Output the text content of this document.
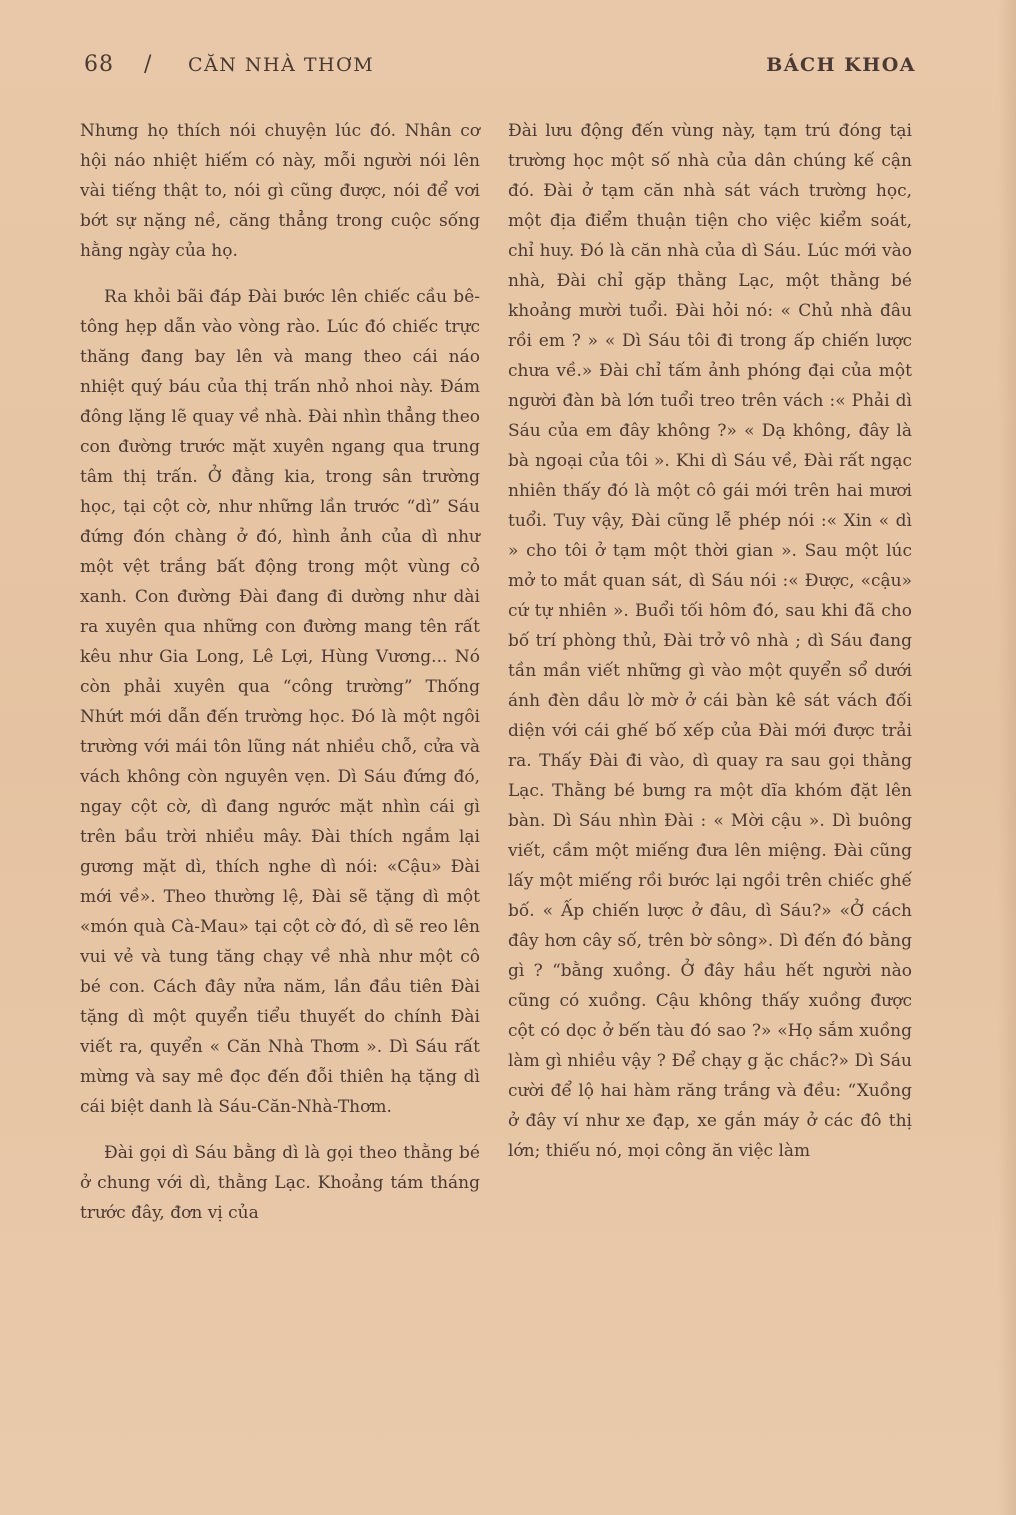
68 / CĂN NHÀ THƠM	BÁCH KHOA

Nhưng họ thích nói chuyện lúc đó. Nhân cơ hội náo nhiệt hiếm có này, mỗi người nói lên vài tiếng thật to, nói gì cũng được, nói để vơi bớt sự nặng nề, căng thẳng trong cuộc sống hằng ngày của họ.

Ra khỏi bãi đáp Đài bước lên chiếc cầu bê-tông hẹp dẫn vào vòng rào. Lúc đó chiếc trực thăng đang bay lên và mang theo cái náo nhiệt quý báu của thị trấn nhỏ nhoi này. Đám đông lặng lẽ quay về nhà. Đài nhìn thẳng theo con đường trước mặt xuyên ngang qua trung tâm thị trấn. Ở đằng kia, trong sân trường học, tại cột cờ, như những lần trước “dì” Sáu đứng đón chàng ở đó, hình ảnh của dì như một vệt trắng bất động trong một vùng cỏ xanh. Con đường Đài đang đi dường như dài ra xuyên qua những con đường mang tên rất kêu như Gia Long, Lê Lợi, Hùng Vương... Nó còn phải xuyên qua “công trường” Thống Nhứt mới dẫn đến trường học. Đó là một ngôi trường với mái tôn lũng nát nhiều chỗ, cửa và vách không còn nguyên vẹn. Dì Sáu đứng đó, ngay cột cờ, dì đang ngước mặt nhìn cái gì trên bầu trời nhiều mây. Đài thích ngắm lại gương mặt dì, thích nghe dì nói: «Cậu» Đài mới về». Theo thường lệ, Đài sẽ tặng dì một «món quà Cà-Mau» tại cột cờ đó, dì sẽ reo lên vui vẻ và tung tăng chạy về nhà như một cô bé con. Cách đây nửa năm, lần đầu tiên Đài tặng dì một quyển tiểu thuyết do chính Đài viết ra, quyển « Căn Nhà Thơm ». Dì Sáu rất mừng và say mê đọc đến đỗi thiên hạ tặng dì cái biệt danh là Sáu-Căn-Nhà-Thơm.

Đài gọi dì Sáu bằng dì là gọi theo thằng bé ở chung với dì, thằng Lạc. Khoảng tám tháng trước đây, đơn vị của

Đài lưu động đến vùng này, tạm trú đóng tại trường học một số nhà của dân chúng kế cận đó. Đài ở tạm căn nhà sát vách trường học, một địa điểm thuận tiện cho việc kiểm soát, chỉ huy. Đó là căn nhà của dì Sáu. Lúc mới vào nhà, Đài chỉ gặp thằng Lạc, một thằng bé khoảng mười tuổi. Đài hỏi nó: « Chủ nhà đâu rồi em ? » « Dì Sáu tôi đi trong ấp chiến lược chưa về.» Đài chỉ tấm ảnh phóng đại của một người đàn bà lớn tuổi treo trên vách :« Phải dì Sáu của em đây không ?» « Dạ không, đây là bà ngoại của tôi ». Khi dì Sáu về, Đài rất ngạc nhiên thấy đó là một cô gái mới trên hai mươi tuổi. Tuy vậy, Đài cũng lễ phép nói :« Xin « dì » cho tôi ở tạm một thời gian ». Sau một lúc mở to mắt quan sát, dì Sáu nói :« Được, «cậu» cứ tự nhiên ». Buổi tối hôm đó, sau khi đã cho bố trí phòng thủ, Đài trở vô nhà ; dì Sáu đang tần mần viết những gì vào một quyển sổ dưới ánh đèn dầu lờ mờ ở cái bàn kê sát vách đối diện với cái ghế bố xếp của Đài mới được trải ra. Thấy Đài đi vào, dì quay ra sau gọi thằng Lạc. Thằng bé bưng ra một dĩa khóm đặt lên bàn. Dì Sáu nhìn Đài : « Mời cậu ». Dì buông viết, cầm một miếng đưa lên miệng. Đài cũng lấy một miếng rồi bước lại ngồi trên chiếc ghế bố. « Ấp chiến lược ở đâu, dì Sáu?» «Ở cách đây hơn cây số, trên bờ sông». Dì đến đó bằng gì ? “bằng xuồng. Ở đây hầu hết người nào cũng có xuồng. Cậu không thấy xuồng được cột có dọc ở bến tàu đó sao ?» «Họ sắm xuồng làm gì nhiều vậy ? Để chạy g ặc chắc?» Dì Sáu cười để lộ hai hàm răng trắng và đều: “Xuồng ở đây ví như xe đạp, xe gắn máy ở các đô thị lớn; thiếu nó, mọi công ăn việc làm
